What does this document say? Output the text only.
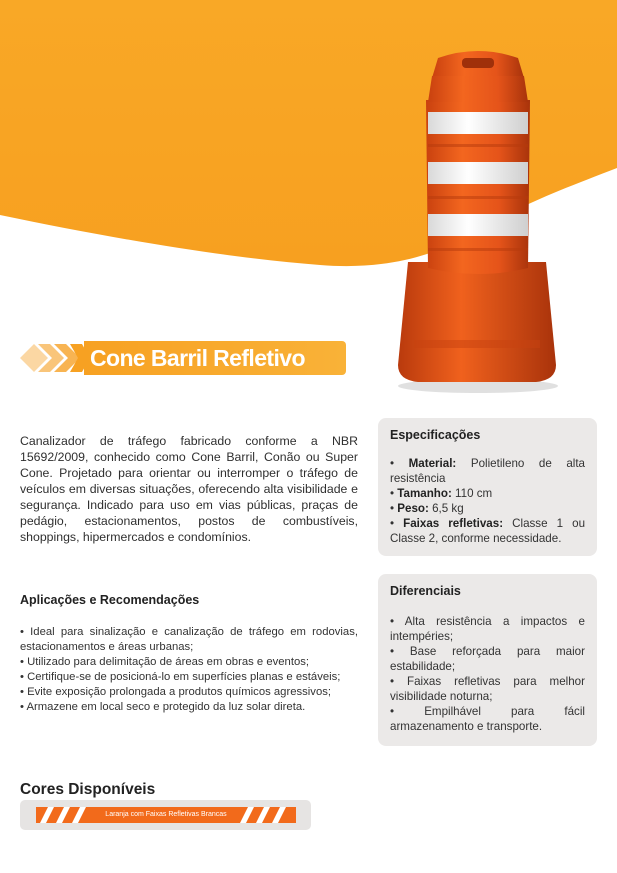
Cone Barril Refletivo

Canalizador de tráfego fabricado conforme a NBR 15692/2009, conhecido como Cone Barril, Conão ou Super Cone. Projetado para orientar ou interromper o tráfego de veículos em diversas situações, oferecendo alta visibilidade e segurança. Indicado para uso em vias públicas, praças de pedágio, estacionamentos, postos de combustíveis, shoppings, hipermercados e condomínios.

Especificações
• Material: Polietileno de alta resistência
• Tamanho: 110 cm
• Peso: 6,5 kg
• Faixas refletivas: Classe 1 ou Classe 2, conforme necessidade.
Aplicações e Recomendações
• Ideal para sinalização e canalização de tráfego em rodovias, estacionamentos e áreas urbanas;
• Utilizado para delimitação de áreas em obras e eventos;
• Certifique-se de posicioná-lo em superfícies planas e estáveis;
• Evite exposição prolongada a produtos químicos agressivos;
• Armazene em local seco e protegido da luz solar direta.
Diferenciais
• Alta resistência a impactos e intempéries;
• Base reforçada para maior estabilidade;
• Faixas refletivas para melhor visibilidade noturna;
• Empilhável para fácil armazenamento e transporte.
Cores Disponíveis
Laranja com Faixas Refletivas Brancas
